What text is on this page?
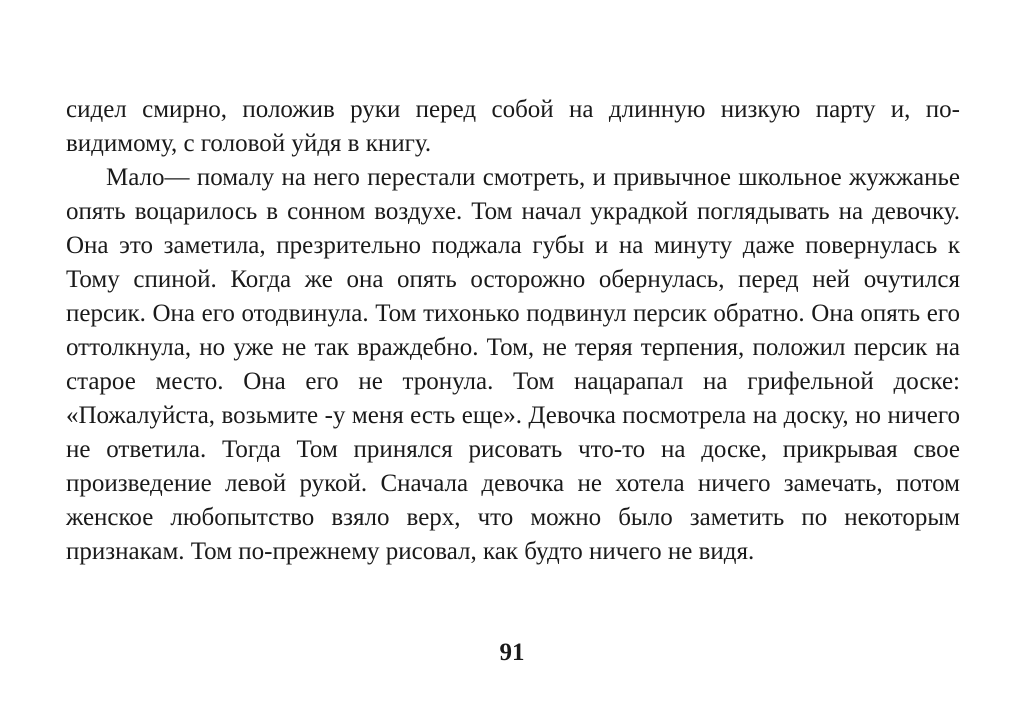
сидел смирно, положив руки перед собой на длинную низкую парту и, по-видимому, с головой уйдя в книгу.

Мало— помалу на него перестали смотреть, и привычное школьное жужжанье опять воцарилось в сонном воздухе. Том начал украдкой поглядывать на девочку. Она это заметила, презрительно поджала губы и на минуту даже повернулась к Тому спиной. Когда же она опять осторожно обернулась, перед ней очутился персик. Она его отодвинула. Том тихонько подвинул персик обратно. Она опять его оттолкнула, но уже не так враждебно. Том, не теряя терпения, положил персик на старое место. Она его не тронула. Том нацарапал на грифельной доске: «Пожалуйста, возьмите -у меня есть еще». Девочка посмотрела на доску, но ничего не ответила. Тогда Том принялся рисовать что-то на доске, прикрывая свое произведение левой рукой. Сначала девочка не хотела ничего замечать, потом женское любопытство взяло верх, что можно было заметить по некоторым признакам. Том по-прежнему рисовал, как будто ничего не видя.

91
